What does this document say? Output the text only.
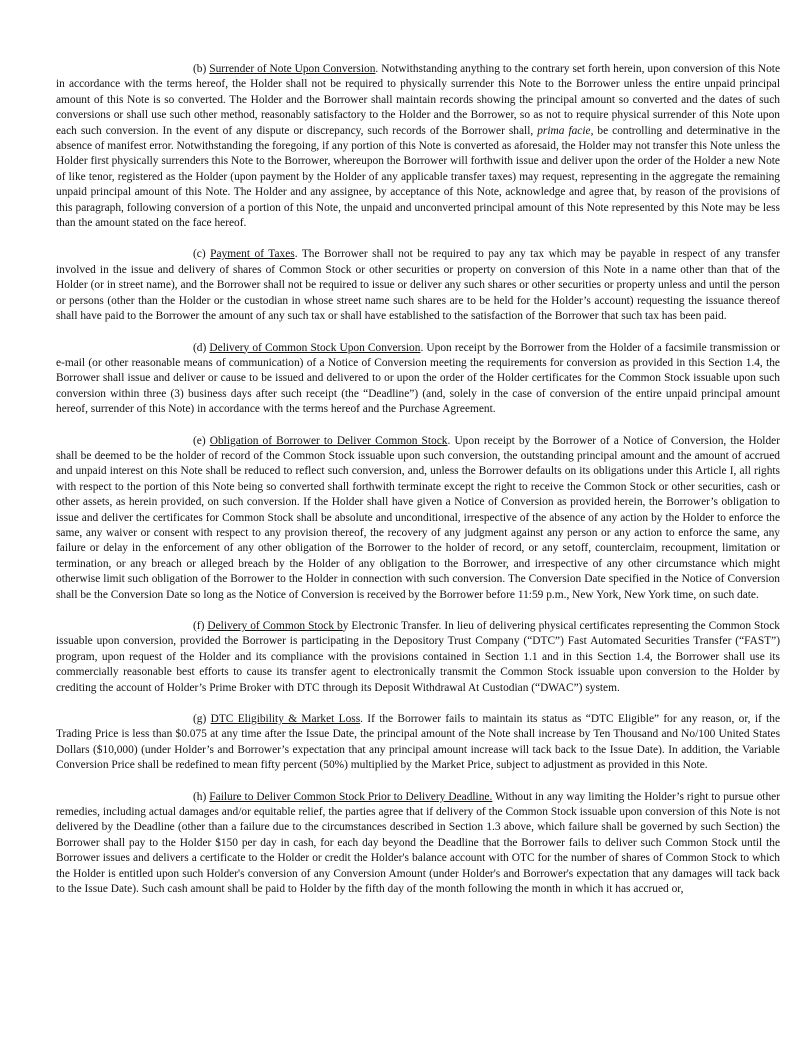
(b) Surrender of Note Upon Conversion. Notwithstanding anything to the contrary set forth herein, upon conversion of this Note in accordance with the terms hereof, the Holder shall not be required to physically surrender this Note to the Borrower unless the entire unpaid principal amount of this Note is so converted. The Holder and the Borrower shall maintain records showing the principal amount so converted and the dates of such conversions or shall use such other method, reasonably satisfactory to the Holder and the Borrower, so as not to require physical surrender of this Note upon each such conversion. In the event of any dispute or discrepancy, such records of the Borrower shall, prima facie, be controlling and determinative in the absence of manifest error. Notwithstanding the foregoing, if any portion of this Note is converted as aforesaid, the Holder may not transfer this Note unless the Holder first physically surrenders this Note to the Borrower, whereupon the Borrower will forthwith issue and deliver upon the order of the Holder a new Note of like tenor, registered as the Holder (upon payment by the Holder of any applicable transfer taxes) may request, representing in the aggregate the remaining unpaid principal amount of this Note. The Holder and any assignee, by acceptance of this Note, acknowledge and agree that, by reason of the provisions of this paragraph, following conversion of a portion of this Note, the unpaid and unconverted principal amount of this Note represented by this Note may be less than the amount stated on the face hereof.

(c) Payment of Taxes. The Borrower shall not be required to pay any tax which may be payable in respect of any transfer involved in the issue and delivery of shares of Common Stock or other securities or property on conversion of this Note in a name other than that of the Holder (or in street name), and the Borrower shall not be required to issue or deliver any such shares or other securities or property unless and until the person or persons (other than the Holder or the custodian in whose street name such shares are to be held for the Holder’s account) requesting the issuance thereof shall have paid to the Borrower the amount of any such tax or shall have established to the satisfaction of the Borrower that such tax has been paid.

(d) Delivery of Common Stock Upon Conversion. Upon receipt by the Borrower from the Holder of a facsimile transmission or e-mail (or other reasonable means of communication) of a Notice of Conversion meeting the requirements for conversion as provided in this Section 1.4, the Borrower shall issue and deliver or cause to be issued and delivered to or upon the order of the Holder certificates for the Common Stock issuable upon such conversion within three (3) business days after such receipt (the “Deadline”) (and, solely in the case of conversion of the entire unpaid principal amount hereof, surrender of this Note) in accordance with the terms hereof and the Purchase Agreement.

(e) Obligation of Borrower to Deliver Common Stock. Upon receipt by the Borrower of a Notice of Conversion, the Holder shall be deemed to be the holder of record of the Common Stock issuable upon such conversion, the outstanding principal amount and the amount of accrued and unpaid interest on this Note shall be reduced to reflect such conversion, and, unless the Borrower defaults on its obligations under this Article I, all rights with respect to the portion of this Note being so converted shall forthwith terminate except the right to receive the Common Stock or other securities, cash or other assets, as herein provided, on such conversion. If the Holder shall have given a Notice of Conversion as provided herein, the Borrower’s obligation to issue and deliver the certificates for Common Stock shall be absolute and unconditional, irrespective of the absence of any action by the Holder to enforce the same, any waiver or consent with respect to any provision thereof, the recovery of any judgment against any person or any action to enforce the same, any failure or delay in the enforcement of any other obligation of the Borrower to the holder of record, or any setoff, counterclaim, recoupment, limitation or termination, or any breach or alleged breach by the Holder of any obligation to the Borrower, and irrespective of any other circumstance which might otherwise limit such obligation of the Borrower to the Holder in connection with such conversion. The Conversion Date specified in the Notice of Conversion shall be the Conversion Date so long as the Notice of Conversion is received by the Borrower before 11:59 p.m., New York, New York time, on such date.

(f) Delivery of Common Stock by Electronic Transfer. In lieu of delivering physical certificates representing the Common Stock issuable upon conversion, provided the Borrower is participating in the Depository Trust Company (“DTC”) Fast Automated Securities Transfer (“FAST”) program, upon request of the Holder and its compliance with the provisions contained in Section 1.1 and in this Section 1.4, the Borrower shall use its commercially reasonable best efforts to cause its transfer agent to electronically transmit the Common Stock issuable upon conversion to the Holder by crediting the account of Holder’s Prime Broker with DTC through its Deposit Withdrawal At Custodian (“DWAC”) system.

(g) DTC Eligibility & Market Loss. If the Borrower fails to maintain its status as “DTC Eligible” for any reason, or, if the Trading Price is less than $0.075 at any time after the Issue Date, the principal amount of the Note shall increase by Ten Thousand and No/100 United States Dollars ($10,000) (under Holder’s and Borrower’s expectation that any principal amount increase will tack back to the Issue Date). In addition, the Variable Conversion Price shall be redefined to mean fifty percent (50%) multiplied by the Market Price, subject to adjustment as provided in this Note.

(h) Failure to Deliver Common Stock Prior to Delivery Deadline. Without in any way limiting the Holder’s right to pursue other remedies, including actual damages and/or equitable relief, the parties agree that if delivery of the Common Stock issuable upon conversion of this Note is not delivered by the Deadline (other than a failure due to the circumstances described in Section 1.3 above, which failure shall be governed by such Section) the Borrower shall pay to the Holder $150 per day in cash, for each day beyond the Deadline that the Borrower fails to deliver such Common Stock until the Borrower issues and delivers a certificate to the Holder or credit the Holder's balance account with OTC for the number of shares of Common Stock to which the Holder is entitled upon such Holder's conversion of any Conversion Amount (under Holder's and Borrower's expectation that any damages will tack back to the Issue Date). Such cash amount shall be paid to Holder by the fifth day of the month following the month in which it has accrued or,
